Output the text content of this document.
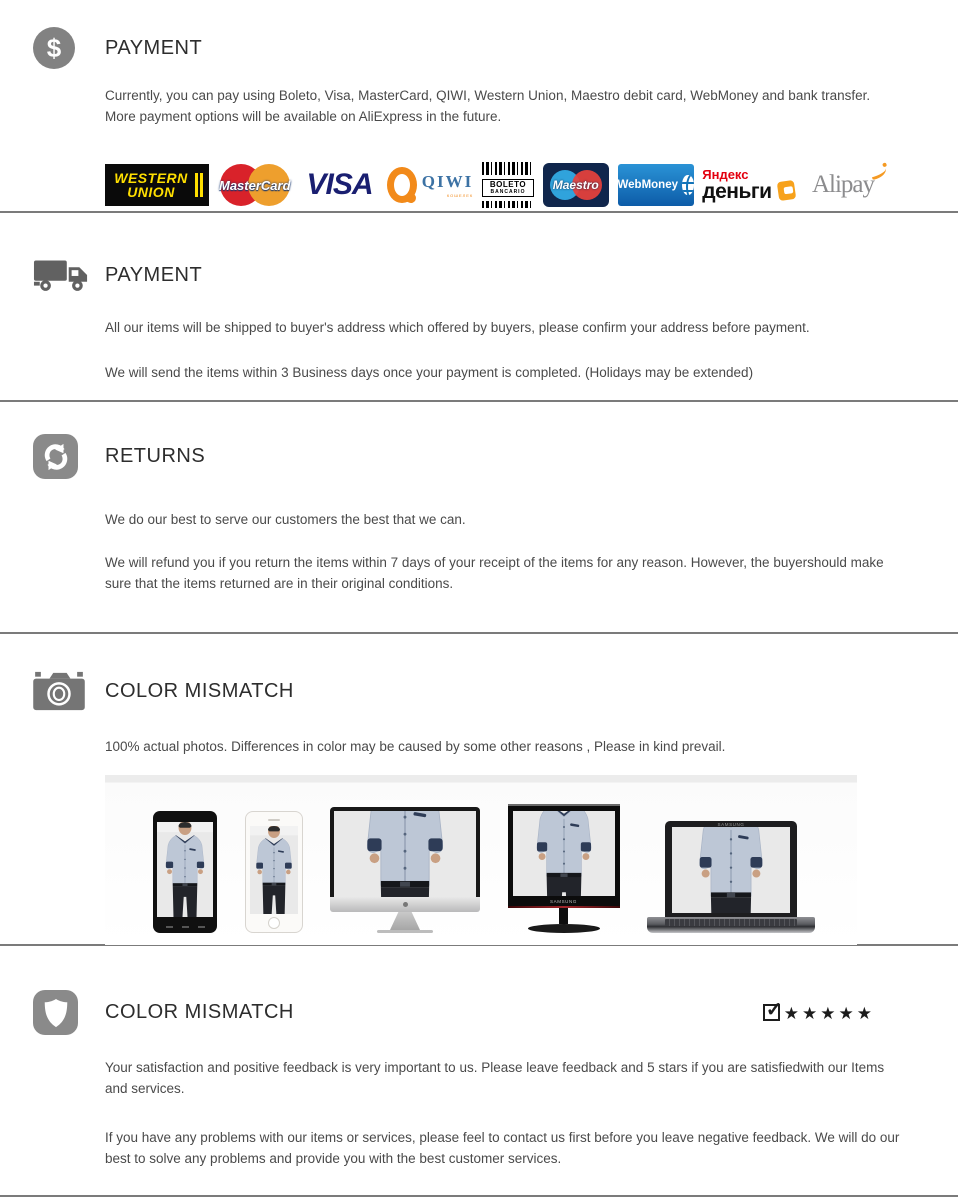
$ PAYMENT

Currently, you can pay using Boleto, Visa, MasterCard, QIWI, Western Union, Maestro debit card, WebMoney and bank transfer. More payment options will be available on AliExpress in the future.

WESTERN
UNION	MasterCard VISA	QIWI
КОШЕЛЕК
BOLETO
BANCARIO	Maestro WebMoney
Яндекс
деньги Alipay
PAYMENT

All our items will be shipped to buyer's address which offered by buyers, please confirm your address before payment.

We will send the items within 3 Business days once your payment is completed. (Holidays may be extended)

RETURNS

We do our best to serve our customers the best that we can.

We will refund you if you return the items within 7 days of your receipt of the items for any reason. However, the buyershould make sure that the items returned are in their original conditions.

COLOR MISMATCH

100% actual photos. Differences in color may be caused by some other reasons , Please in kind prevail.

SAMSUNG
SAMSUNG
COLOR MISMATCH	✓ ★★★★★

Your satisfaction and positive feedback is very important to us. Please leave feedback and 5 stars if you are satisfiedwith our Items and services.

If you have any problems with our items or services, please feel to contact us first before you leave negative feedback. We will do our best to solve any problems and provide you with the best customer services.
